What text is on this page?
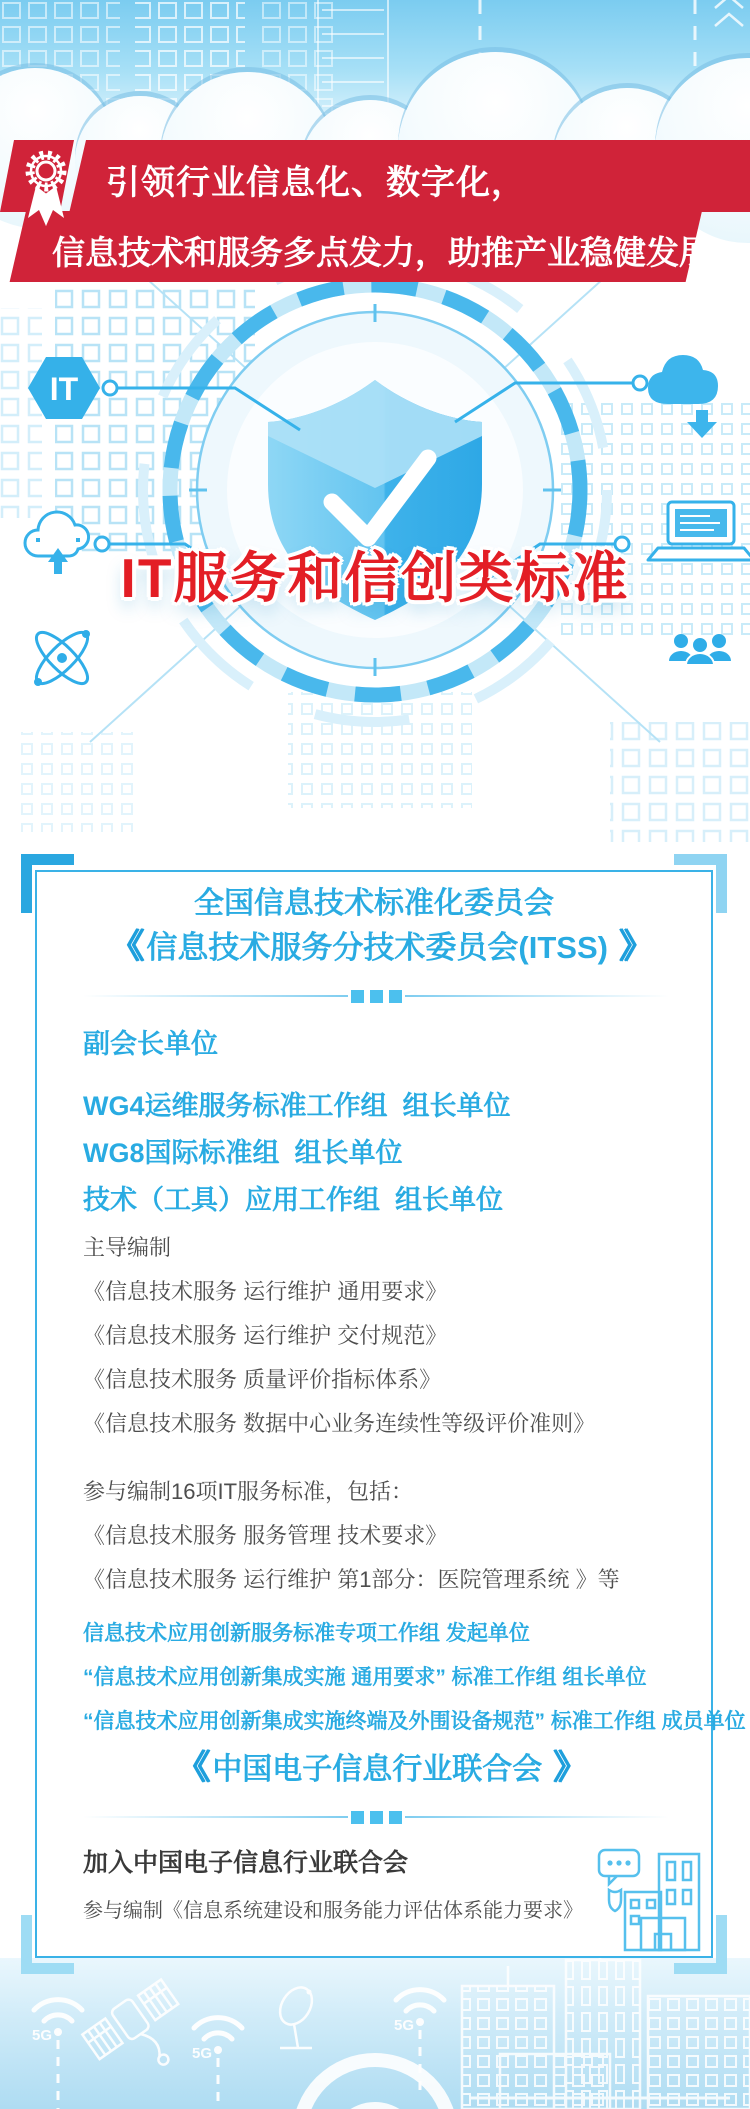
引领行业信息化、数字化，
信息技术和服务多点发力，助推产业稳健发展
IT
IT服务和信创类标准
全国信息技术标准化委员会
《《 信息技术服务分技术委员会(ITSS) 》》
副会长单位
WG4运维服务标准工作组  组长单位
WG8国际标准组  组长单位
技术（工具）应用工作组  组长单位
主导编制
《信息技术服务 运行维护 通用要求》
《信息技术服务 运行维护 交付规范》
《信息技术服务 质量评价指标体系》
《信息技术服务 数据中心业务连续性等级评价准则》
参与编制16项IT服务标准，包括：
《信息技术服务 服务管理 技术要求》
《信息技术服务 运行维护 第1部分：医院管理系统 》等
信息技术应用创新服务标准专项工作组 发起单位
“信息技术应用创新集成实施 通用要求” 标准工作组 组长单位
“信息技术应用创新集成实施终端及外围设备规范” 标准工作组 成员单位
《《 中国电子信息行业联合会 》》
加入中国电子信息行业联合会
参与编制《信息系统建设和服务能力评估体系能力要求》
5G
5G
5G
